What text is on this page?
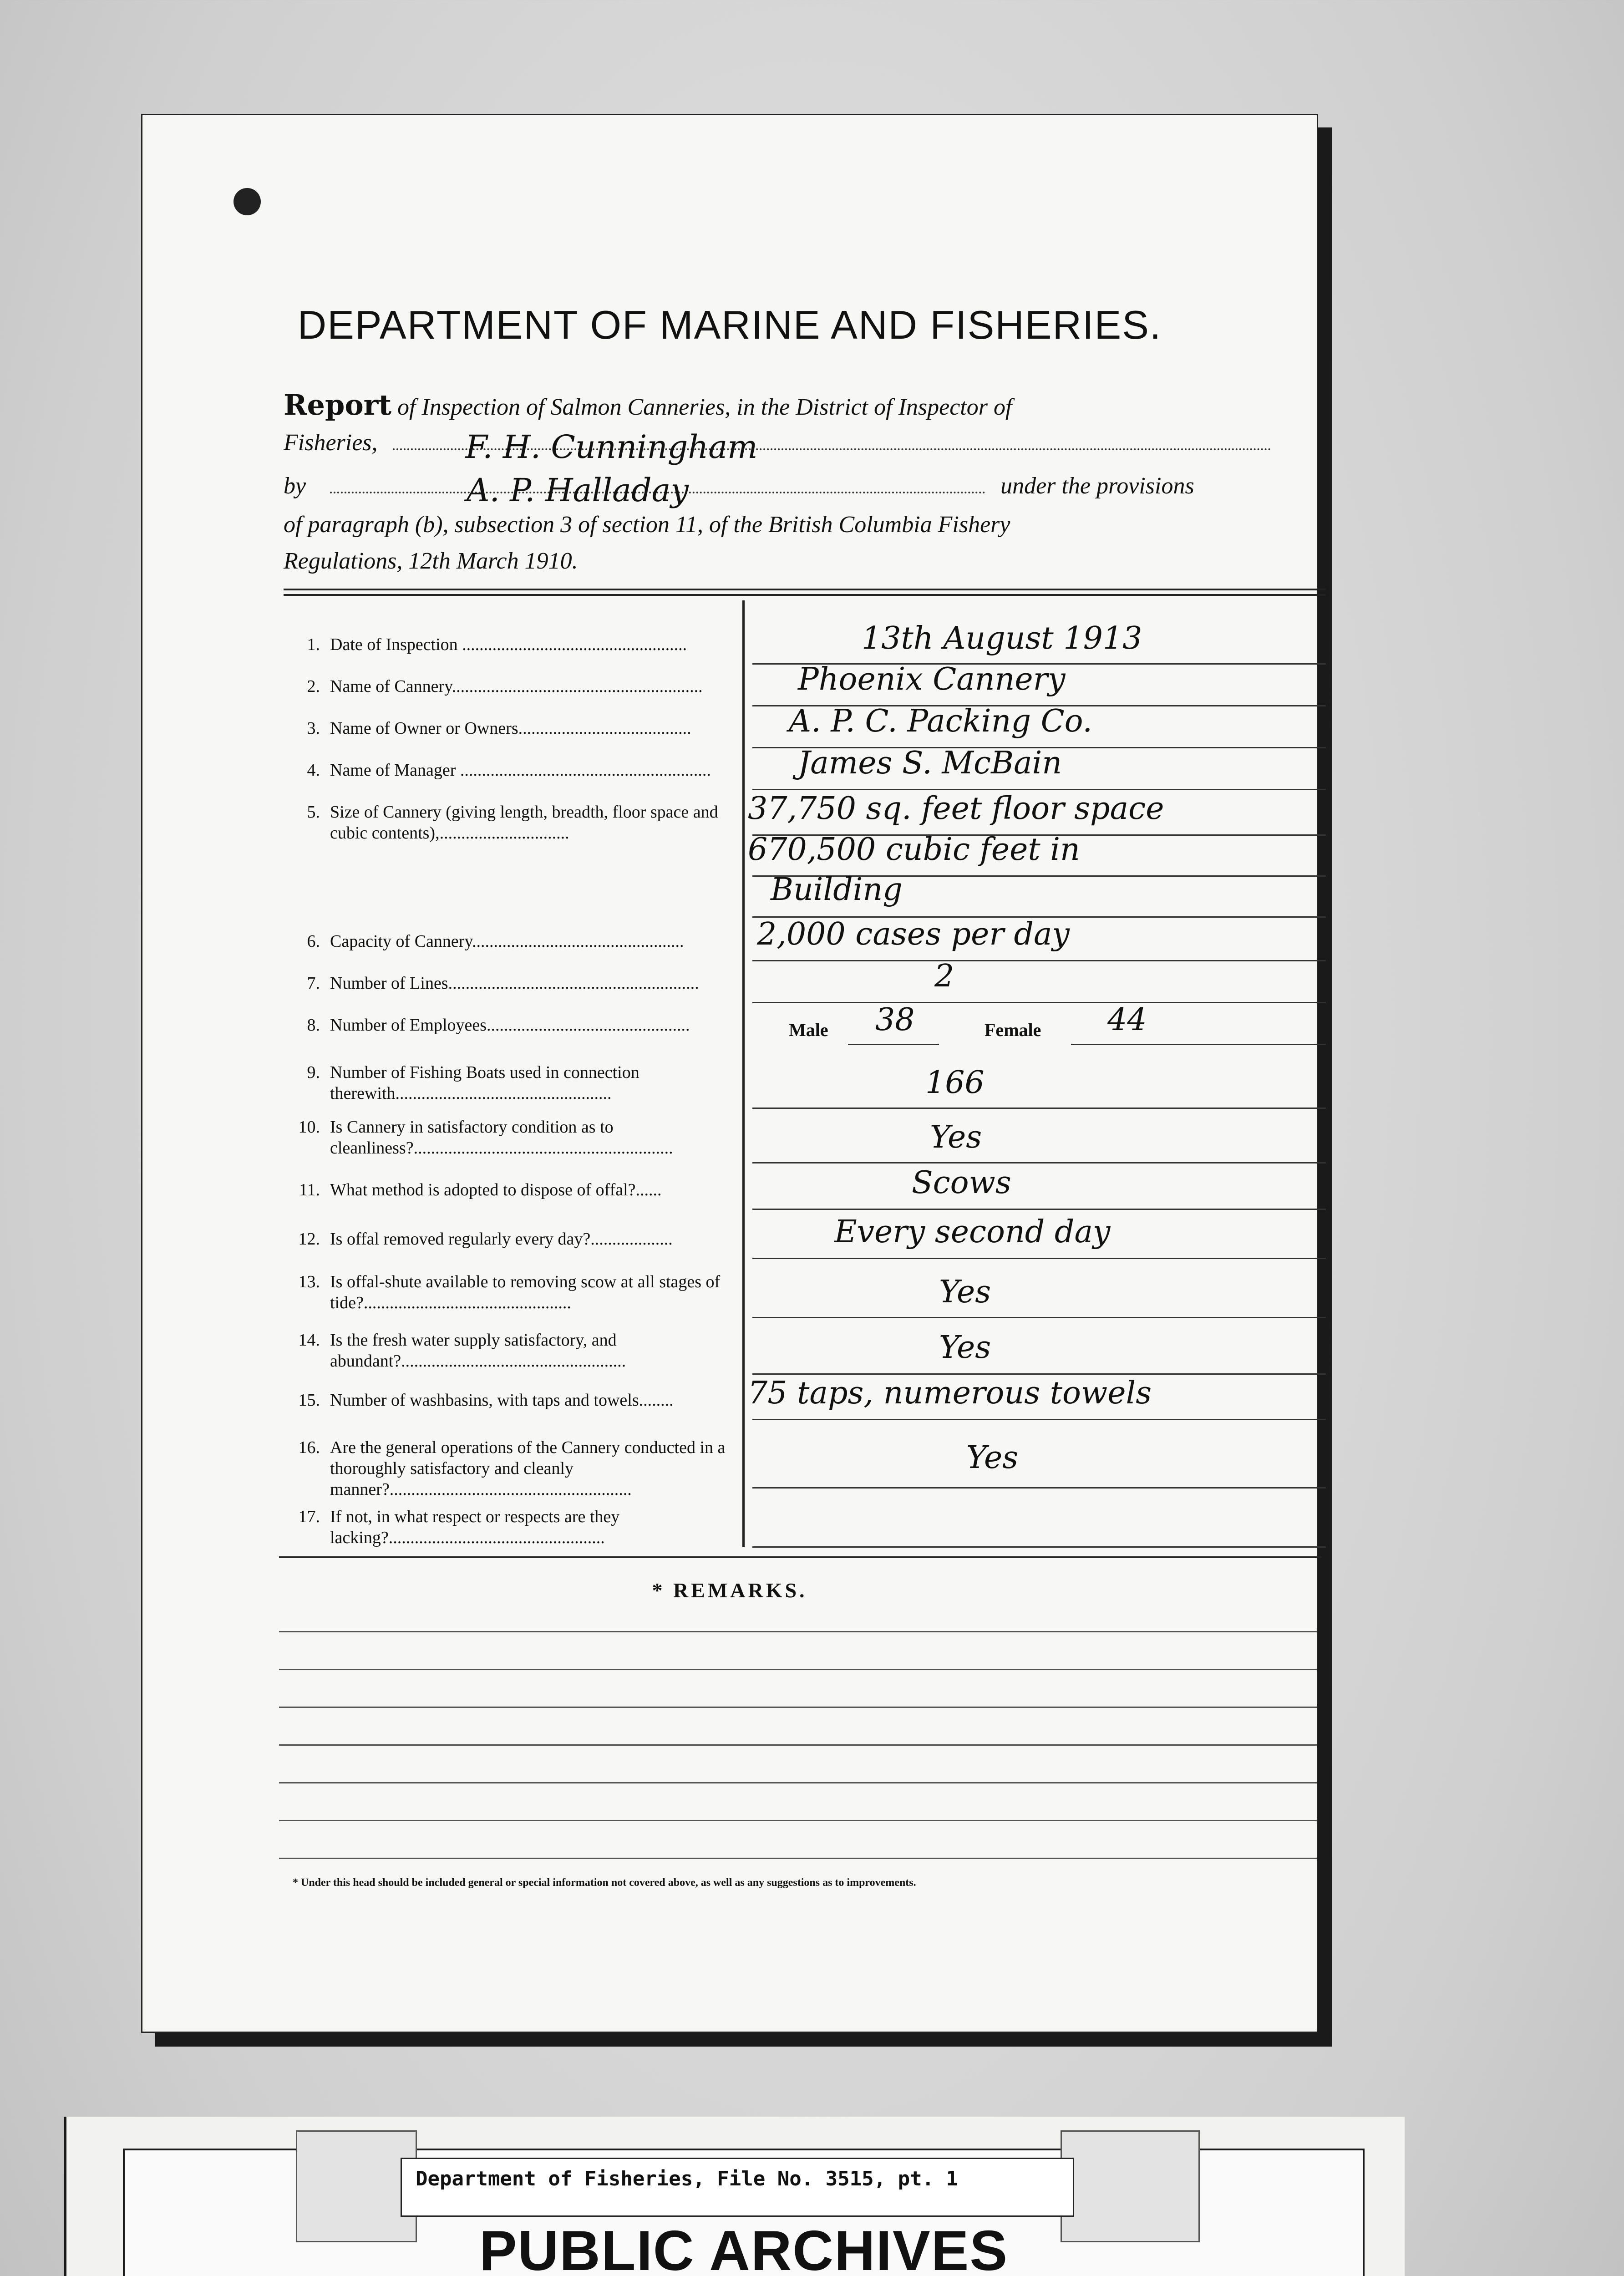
DEPARTMENT OF MARINE AND FISHERIES.
Report of Inspection of Salmon Canneries, in the District of Inspector of
Fisheries,	F. H. Cunningham
by	A. P. Halladay	under the provisions
of paragraph (b), subsection 3 of section 11, of the British Columbia Fishery
Regulations, 12th March 1910.
1. Date of Inspection ....................................................	13th August 1913
2. Name of Cannery..........................................................	Phoenix Cannery
3. Name of Owner or Owners........................................	A. P. C. Packing Co.
4. Name of Manager ..........................................................	James S. McBain
5. Size of Cannery (giving length, breadth, floor space and cubic contents),..............................
37,750 sq. feet floor space
670,500 cubic feet in
Building
6. Capacity of Cannery.................................................	2,000 cases per day
7. Number of Lines..........................................................	2
8. Number of Employees...............................................	Male 38	Female 44
9. Number of Fishing Boats used in connection therewith..................................................	166
10. Is Cannery in satisfactory condition as to cleanliness?............................................................	Yes
11. What method is adopted to dispose of offal?......	Scows
12. Is offal removed regularly every day?...................	Every second day
13. Is offal-shute available to removing scow at all stages of tide?................................................	Yes
14. Is the fresh water supply satisfactory, and abundant?....................................................	Yes
15. Number of washbasins, with taps and towels........	75 taps, numerous towels
16. Are the general operations of the Cannery conducted in a thoroughly satisfactory and cleanly manner?........................................................
Yes
17. If not, in what respect or respects are they lacking?..................................................
* REMARKS.
* Under this head should be included general or special information not covered above, as well as any suggestions as to improvements.
PUBLIC ARCHIVES
Department of Fisheries, File No. 3515, pt. 1
